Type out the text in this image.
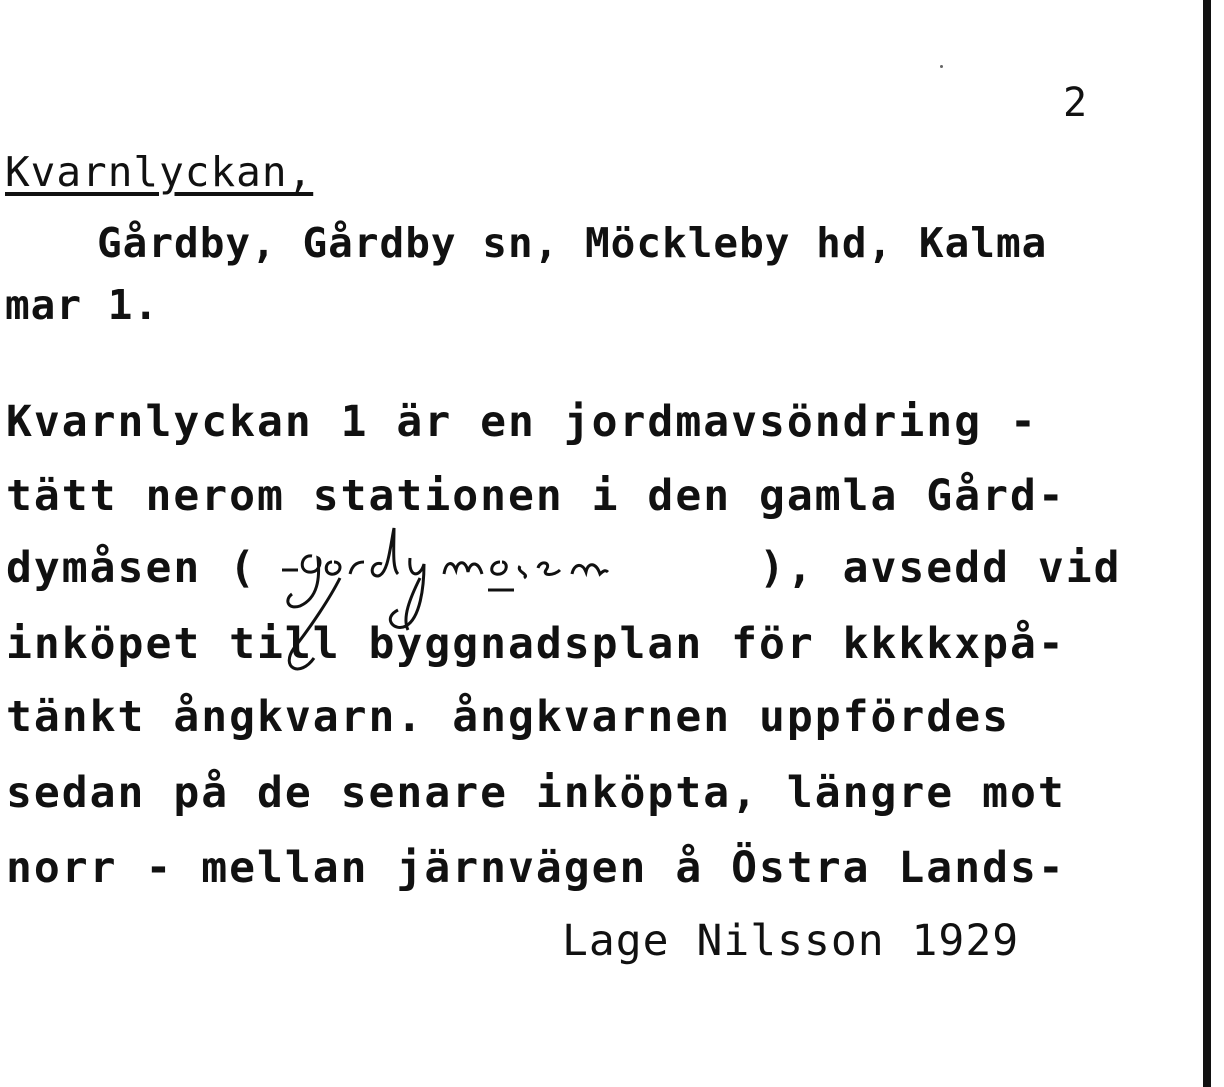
2
Kvarnlyckan,
Gårdby, Gårdby sn, Möckleby hd, Kalma
mar 1.
Kvarnlyckan 1 är en jordmavsöndring -
tätt nerom stationen i den gamla Gård-
dymåsen (                  ), avsedd vid
inköpet till byggnadsplan för kkkkxpå-
tänkt ångkvarn. ångkvarnen uppfördes
sedan på de senare inköpta, längre mot
norr - mellan järnvägen å Östra Lands-
Lage Nilsson 1929
